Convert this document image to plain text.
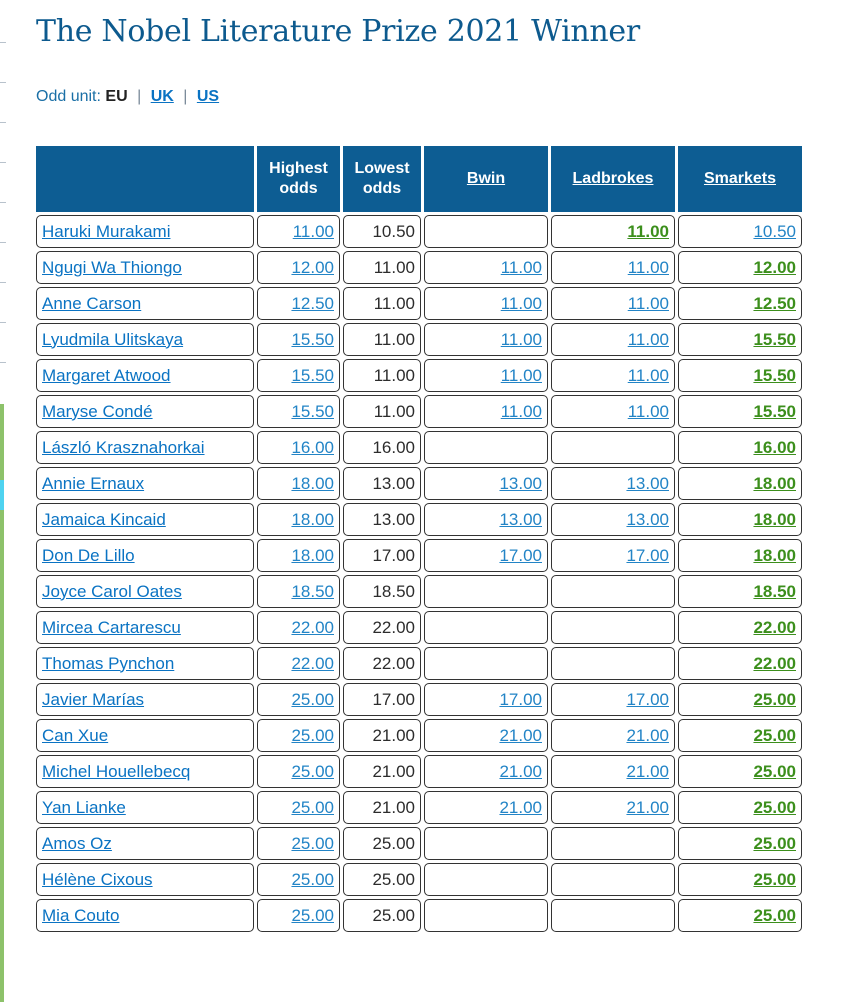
The Nobel Literature Prize 2021 Winner
Odd unit: EU | UK | US
	Highest
odds	Lowest
odds	Bwin	Ladbrokes	Smarkets
Haruki Murakami	11.00	10.50		11.00	10.50
Ngugi Wa Thiongo	12.00	11.00	11.00	11.00	12.00
Anne Carson	12.50	11.00	11.00	11.00	12.50
Lyudmila Ulitskaya	15.50	11.00	11.00	11.00	15.50
Margaret Atwood	15.50	11.00	11.00	11.00	15.50
Maryse Condé	15.50	11.00	11.00	11.00	15.50
László Krasznahorkai	16.00	16.00			16.00
Annie Ernaux	18.00	13.00	13.00	13.00	18.00
Jamaica Kincaid	18.00	13.00	13.00	13.00	18.00
Don De Lillo	18.00	17.00	17.00	17.00	18.00
Joyce Carol Oates	18.50	18.50			18.50
Mircea Cartarescu	22.00	22.00			22.00
Thomas Pynchon	22.00	22.00			22.00
Javier Marías	25.00	17.00	17.00	17.00	25.00
Can Xue	25.00	21.00	21.00	21.00	25.00
Michel Houellebecq	25.00	21.00	21.00	21.00	25.00
Yan Lianke	25.00	21.00	21.00	21.00	25.00
Amos Oz	25.00	25.00			25.00
Hélène Cixous	25.00	25.00			25.00
Mia Couto	25.00	25.00			25.00
